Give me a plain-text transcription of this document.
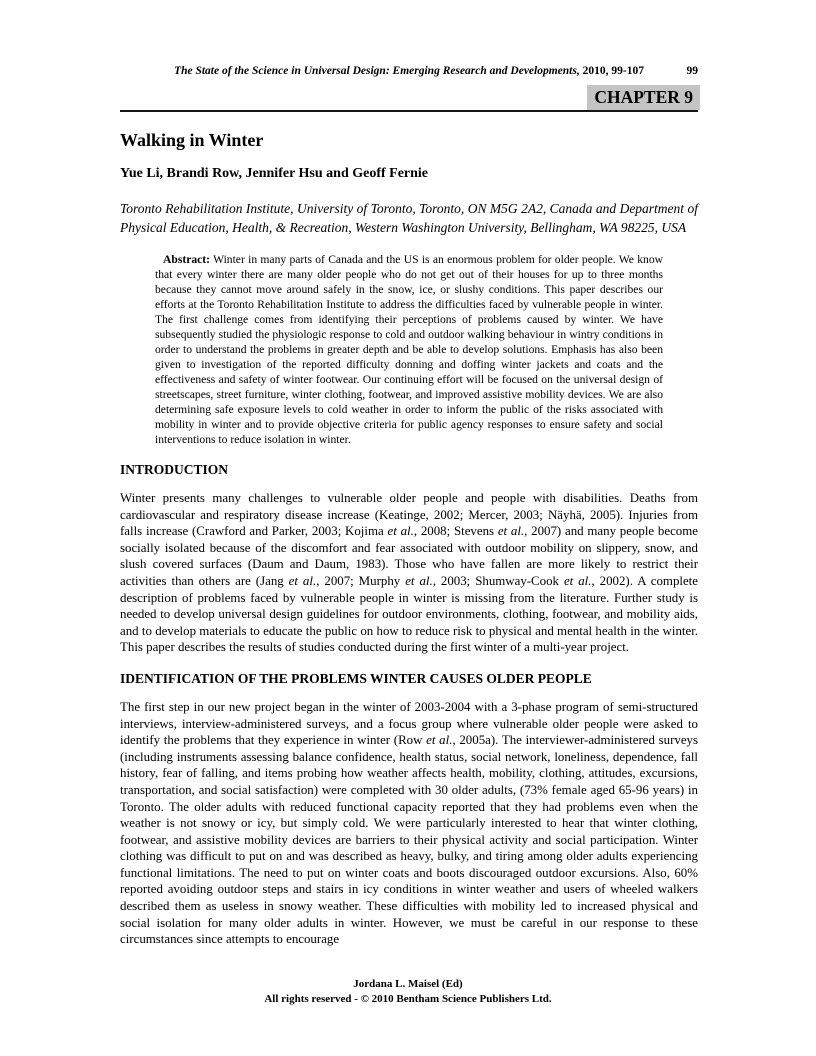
The State of the Science in Universal Design: Emerging Research and Developments, 2010, 99-107	99
CHAPTER 9
Walking in Winter
Yue Li, Brandi Row, Jennifer Hsu and Geoff Fernie
Toronto Rehabilitation Institute, University of Toronto, Toronto, ON M5G 2A2, Canada and Department of Physical Education, Health, & Recreation, Western Washington University, Bellingham, WA 98225, USA
Abstract: Winter in many parts of Canada and the US is an enormous problem for older people. We know that every winter there are many older people who do not get out of their houses for up to three months because they cannot move around safely in the snow, ice, or slushy conditions. This paper describes our efforts at the Toronto Rehabilitation Institute to address the difficulties faced by vulnerable people in winter. The first challenge comes from identifying their perceptions of problems caused by winter. We have subsequently studied the physiologic response to cold and outdoor walking behaviour in wintry conditions in order to understand the problems in greater depth and be able to develop solutions. Emphasis has also been given to investigation of the reported difficulty donning and doffing winter jackets and coats and the effectiveness and safety of winter footwear. Our continuing effort will be focused on the universal design of streetscapes, street furniture, winter clothing, footwear, and improved assistive mobility devices. We are also determining safe exposure levels to cold weather in order to inform the public of the risks associated with mobility in winter and to provide objective criteria for public agency responses to ensure safety and social interventions to reduce isolation in winter.
INTRODUCTION
Winter presents many challenges to vulnerable older people and people with disabilities. Deaths from cardiovascular and respiratory disease increase (Keatinge, 2002; Mercer, 2003; Näyhä, 2005). Injuries from falls increase (Crawford and Parker, 2003; Kojima et al., 2008; Stevens et al., 2007) and many people become socially isolated because of the discomfort and fear associated with outdoor mobility on slippery, snow, and slush covered surfaces (Daum and Daum, 1983). Those who have fallen are more likely to restrict their activities than others are (Jang et al., 2007; Murphy et al., 2003; Shumway-Cook et al., 2002). A complete description of problems faced by vulnerable people in winter is missing from the literature. Further study is needed to develop universal design guidelines for outdoor environments, clothing, footwear, and mobility aids, and to develop materials to educate the public on how to reduce risk to physical and mental health in the winter. This paper describes the results of studies conducted during the first winter of a multi-year project.
IDENTIFICATION OF THE PROBLEMS WINTER CAUSES OLDER PEOPLE
The first step in our new project began in the winter of 2003-2004 with a 3-phase program of semi-structured interviews, interview-administered surveys, and a focus group where vulnerable older people were asked to identify the problems that they experience in winter (Row et al., 2005a). The interviewer-administered surveys (including instruments assessing balance confidence, health status, social network, loneliness, dependence, fall history, fear of falling, and items probing how weather affects health, mobility, clothing, attitudes, excursions, transportation, and social satisfaction) were completed with 30 older adults, (73% female aged 65-96 years) in Toronto. The older adults with reduced functional capacity reported that they had problems even when the weather is not snowy or icy, but simply cold. We were particularly interested to hear that winter clothing, footwear, and assistive mobility devices are barriers to their physical activity and social participation. Winter clothing was difficult to put on and was described as heavy, bulky, and tiring among older adults experiencing functional limitations. The need to put on winter coats and boots discouraged outdoor excursions. Also, 60% reported avoiding outdoor steps and stairs in icy conditions in winter weather and users of wheeled walkers described them as useless in snowy weather. These difficulties with mobility led to increased physical and social isolation for many older adults in winter. However, we must be careful in our response to these circumstances since attempts to encourage
Jordana L. Maisel (Ed)
All rights reserved - © 2010 Bentham Science Publishers Ltd.
